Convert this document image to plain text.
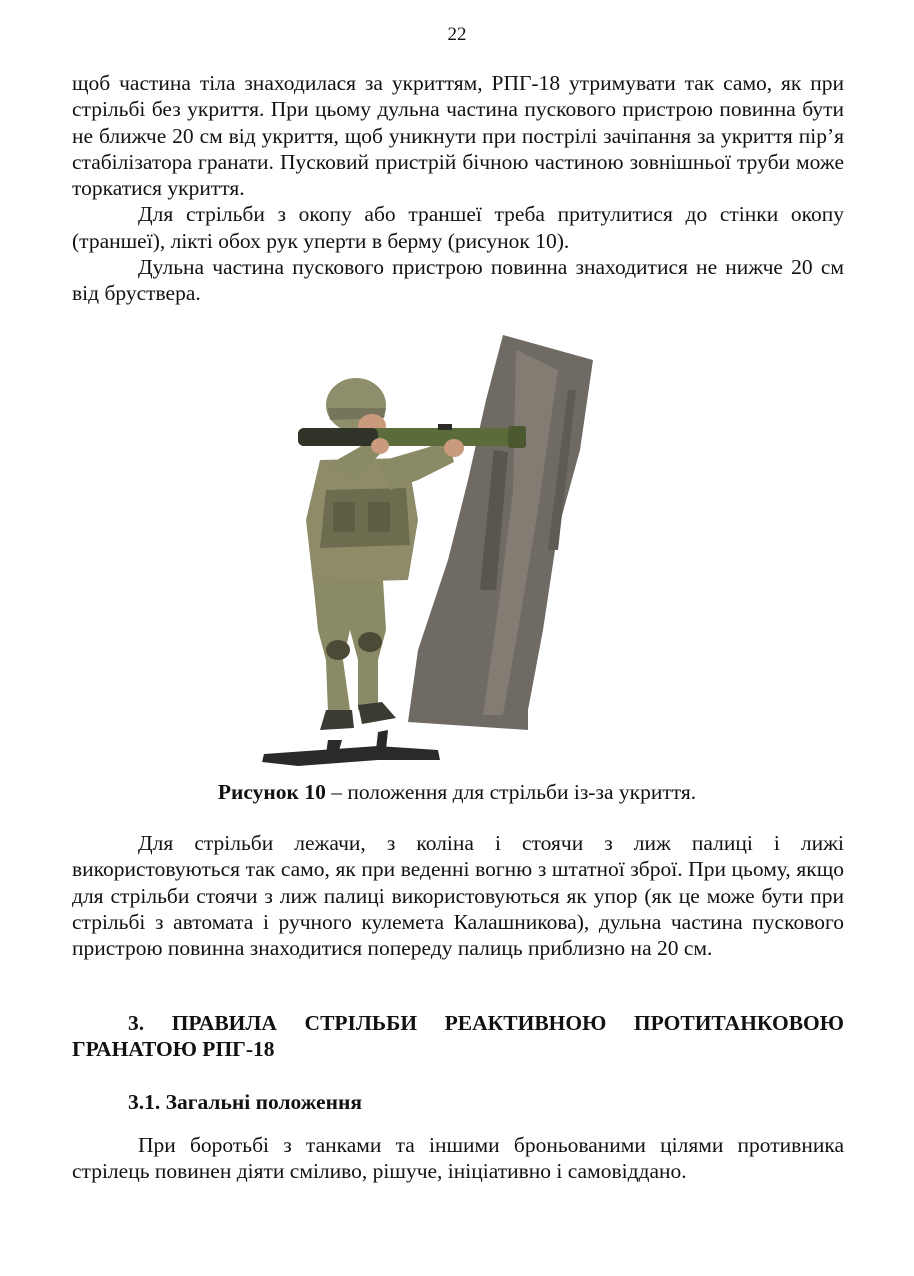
22

щоб частина тіла знаходилася за укриттям, РПГ-18 утримувати так само, як при стрільбі без укриття. При цьому дульна частина пускового пристрою повинна бути не ближче 20 см від укриття, щоб уникнути при пострілі зачіпання за укриття пір’я стабілізатора гранати. Пусковий пристрій бічною частиною зовнішньої труби може торкатися укриття.

Для стрільби з окопу або траншеї треба притулитися до стінки окопу (траншеї), лікті обох рук уперти в берму (рисунок 10).

Дульна частина пускового пристрою повинна знаходитися не нижче 20 см від бруствера.

Рисунок 10 – положення для стрільби із-за укриття.

Для стрільби лежачи, з коліна і стоячи з лиж палиці і лижі використовуються так само, як при веденні вогню з штатної зброї. При цьому, якщо для стрільби стоячи з лиж палиці використовуються як упор (як це може бути при стрільбі з автомата і ручного кулемета Калашникова), дульна частина пускового пристрою повинна знаходитися попереду палиць приблизно на 20 см.

3. ПРАВИЛА СТРІЛЬБИ РЕАКТИВНОЮ ПРОТИТАНКОВОЮ
ГРАНАТОЮ РПГ-18
3.1. Загальні положення

При боротьбі з танками та іншими броньованими цілями противника стрілець повинен діяти сміливо, рішуче, ініціативно і самовіддано.
